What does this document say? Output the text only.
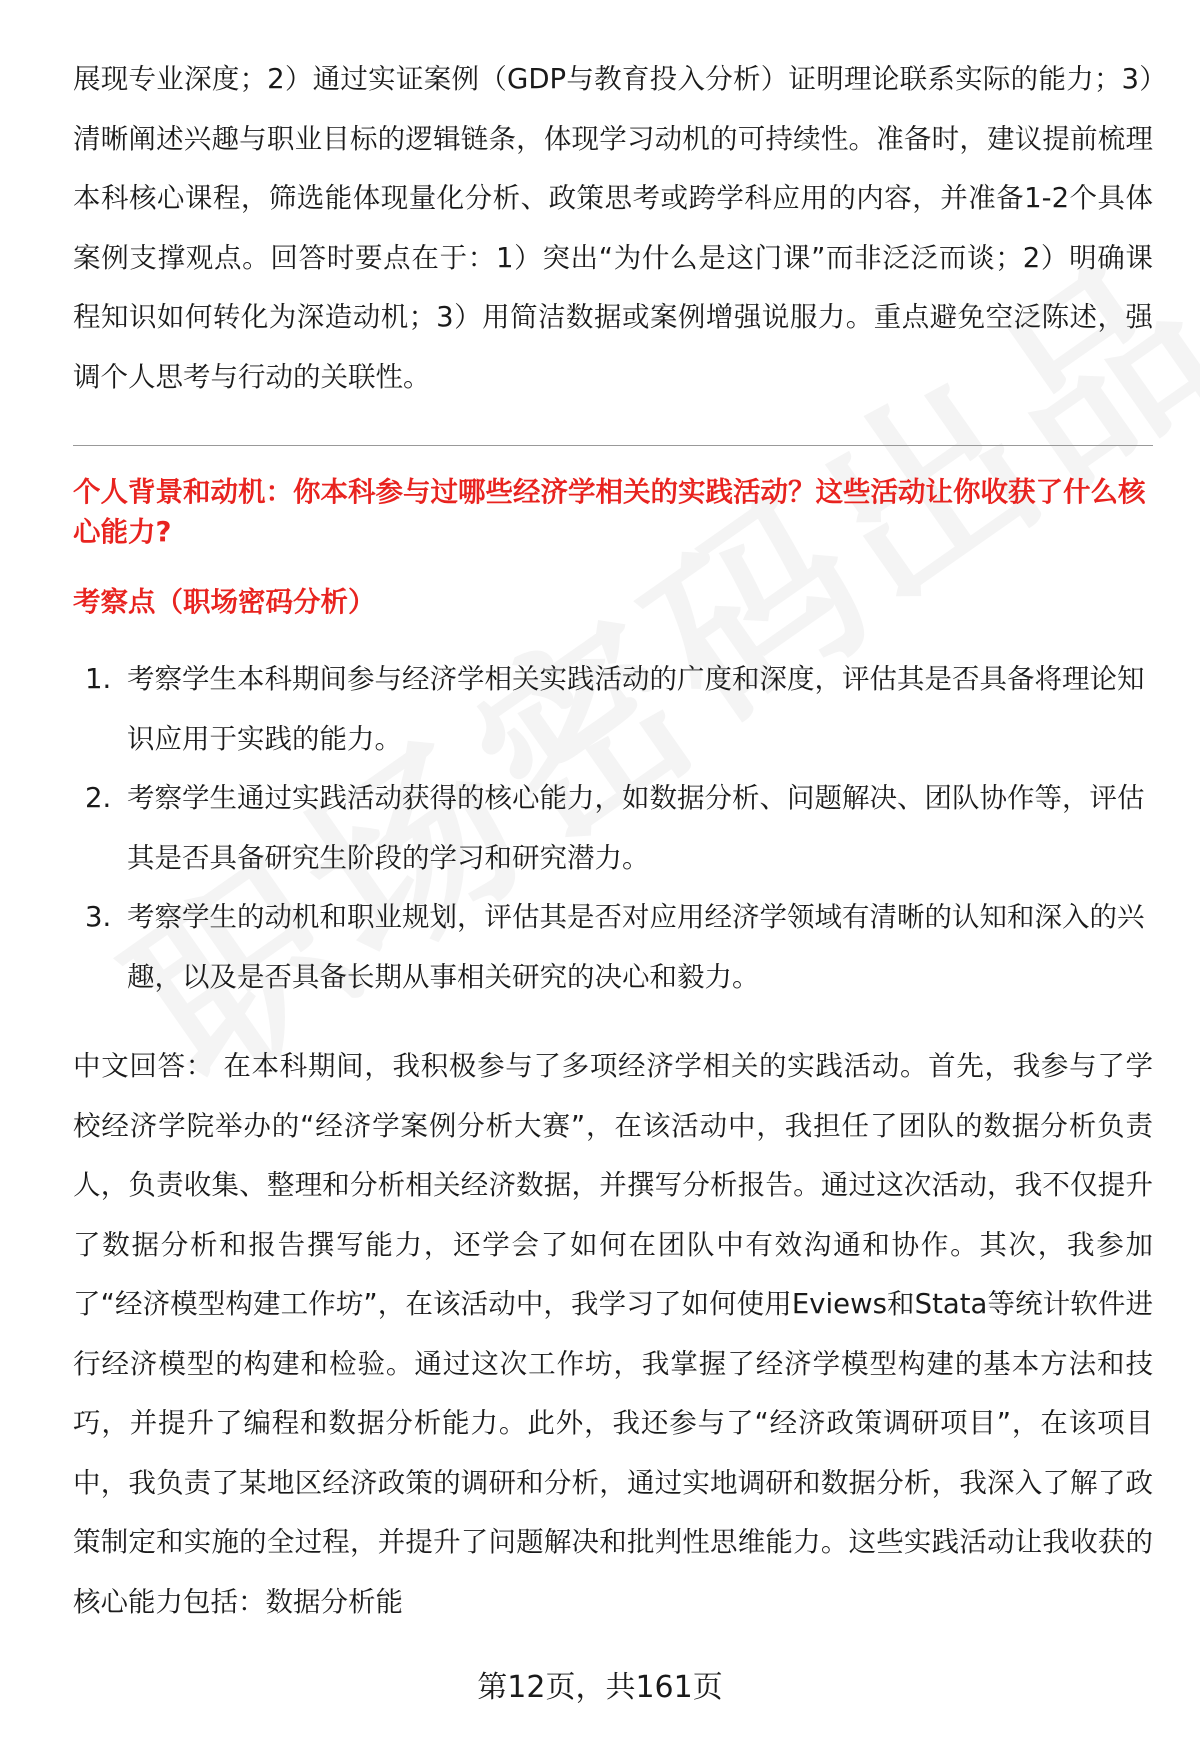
展现专业深度；2）通过实证案例（GDP与教育投入分析）证明理论联系实际的能力；3）清晰阐述兴趣与职业目标的逻辑链条，体现学习动机的可持续性。准备时，建议提前梳理本科核心课程，筛选能体现量化分析、政策思考或跨学科应用的内容，并准备1-2个具体案例支撑观点。回答时要点在于：1）突出“为什么是这门课”而非泛泛而谈；2）明确课程知识如何转化为深造动机；3）用简洁数据或案例增强说服力。重点避免空泛陈述，强调个人思考与行动的关联性。

个人背景和动机：你本科参与过哪些经济学相关的实践活动？这些活动让你收获了什么核心能力?
考察点（职场密码分析）
1. 考察学生本科期间参与经济学相关实践活动的广度和深度，评估其是否具备将理论知识应用于实践的能力。
2. 考察学生通过实践活动获得的核心能力，如数据分析、问题解决、团队协作等，评估其是否具备研究生阶段的学习和研究潜力。
3. 考察学生的动机和职业规划，评估其是否对应用经济学领域有清晰的认知和深入的兴趣，以及是否具备长期从事相关研究的决心和毅力。

中文回答： 在本科期间，我积极参与了多项经济学相关的实践活动。首先，我参与了学校经济学院举办的“经济学案例分析大赛”，在该活动中，我担任了团队的数据分析负责人，负责收集、整理和分析相关经济数据，并撰写分析报告。通过这次活动，我不仅提升了数据分析和报告撰写能力，还学会了如何在团队中有效沟通和协作。其次，我参加了“经济模型构建工作坊”，在该活动中，我学习了如何使用Eviews和Stata等统计软件进行经济模型的构建和检验。通过这次工作坊，我掌握了经济学模型构建的基本方法和技巧，并提升了编程和数据分析能力。此外，我还参与了“经济政策调研项目”，在该项目中，我负责了某地区经济政策的调研和分析，通过实地调研和数据分析，我深入了解了政策制定和实施的全过程，并提升了问题解决和批判性思维能力。这些实践活动让我收获的核心能力包括：数据分析能

第12页，共161页
